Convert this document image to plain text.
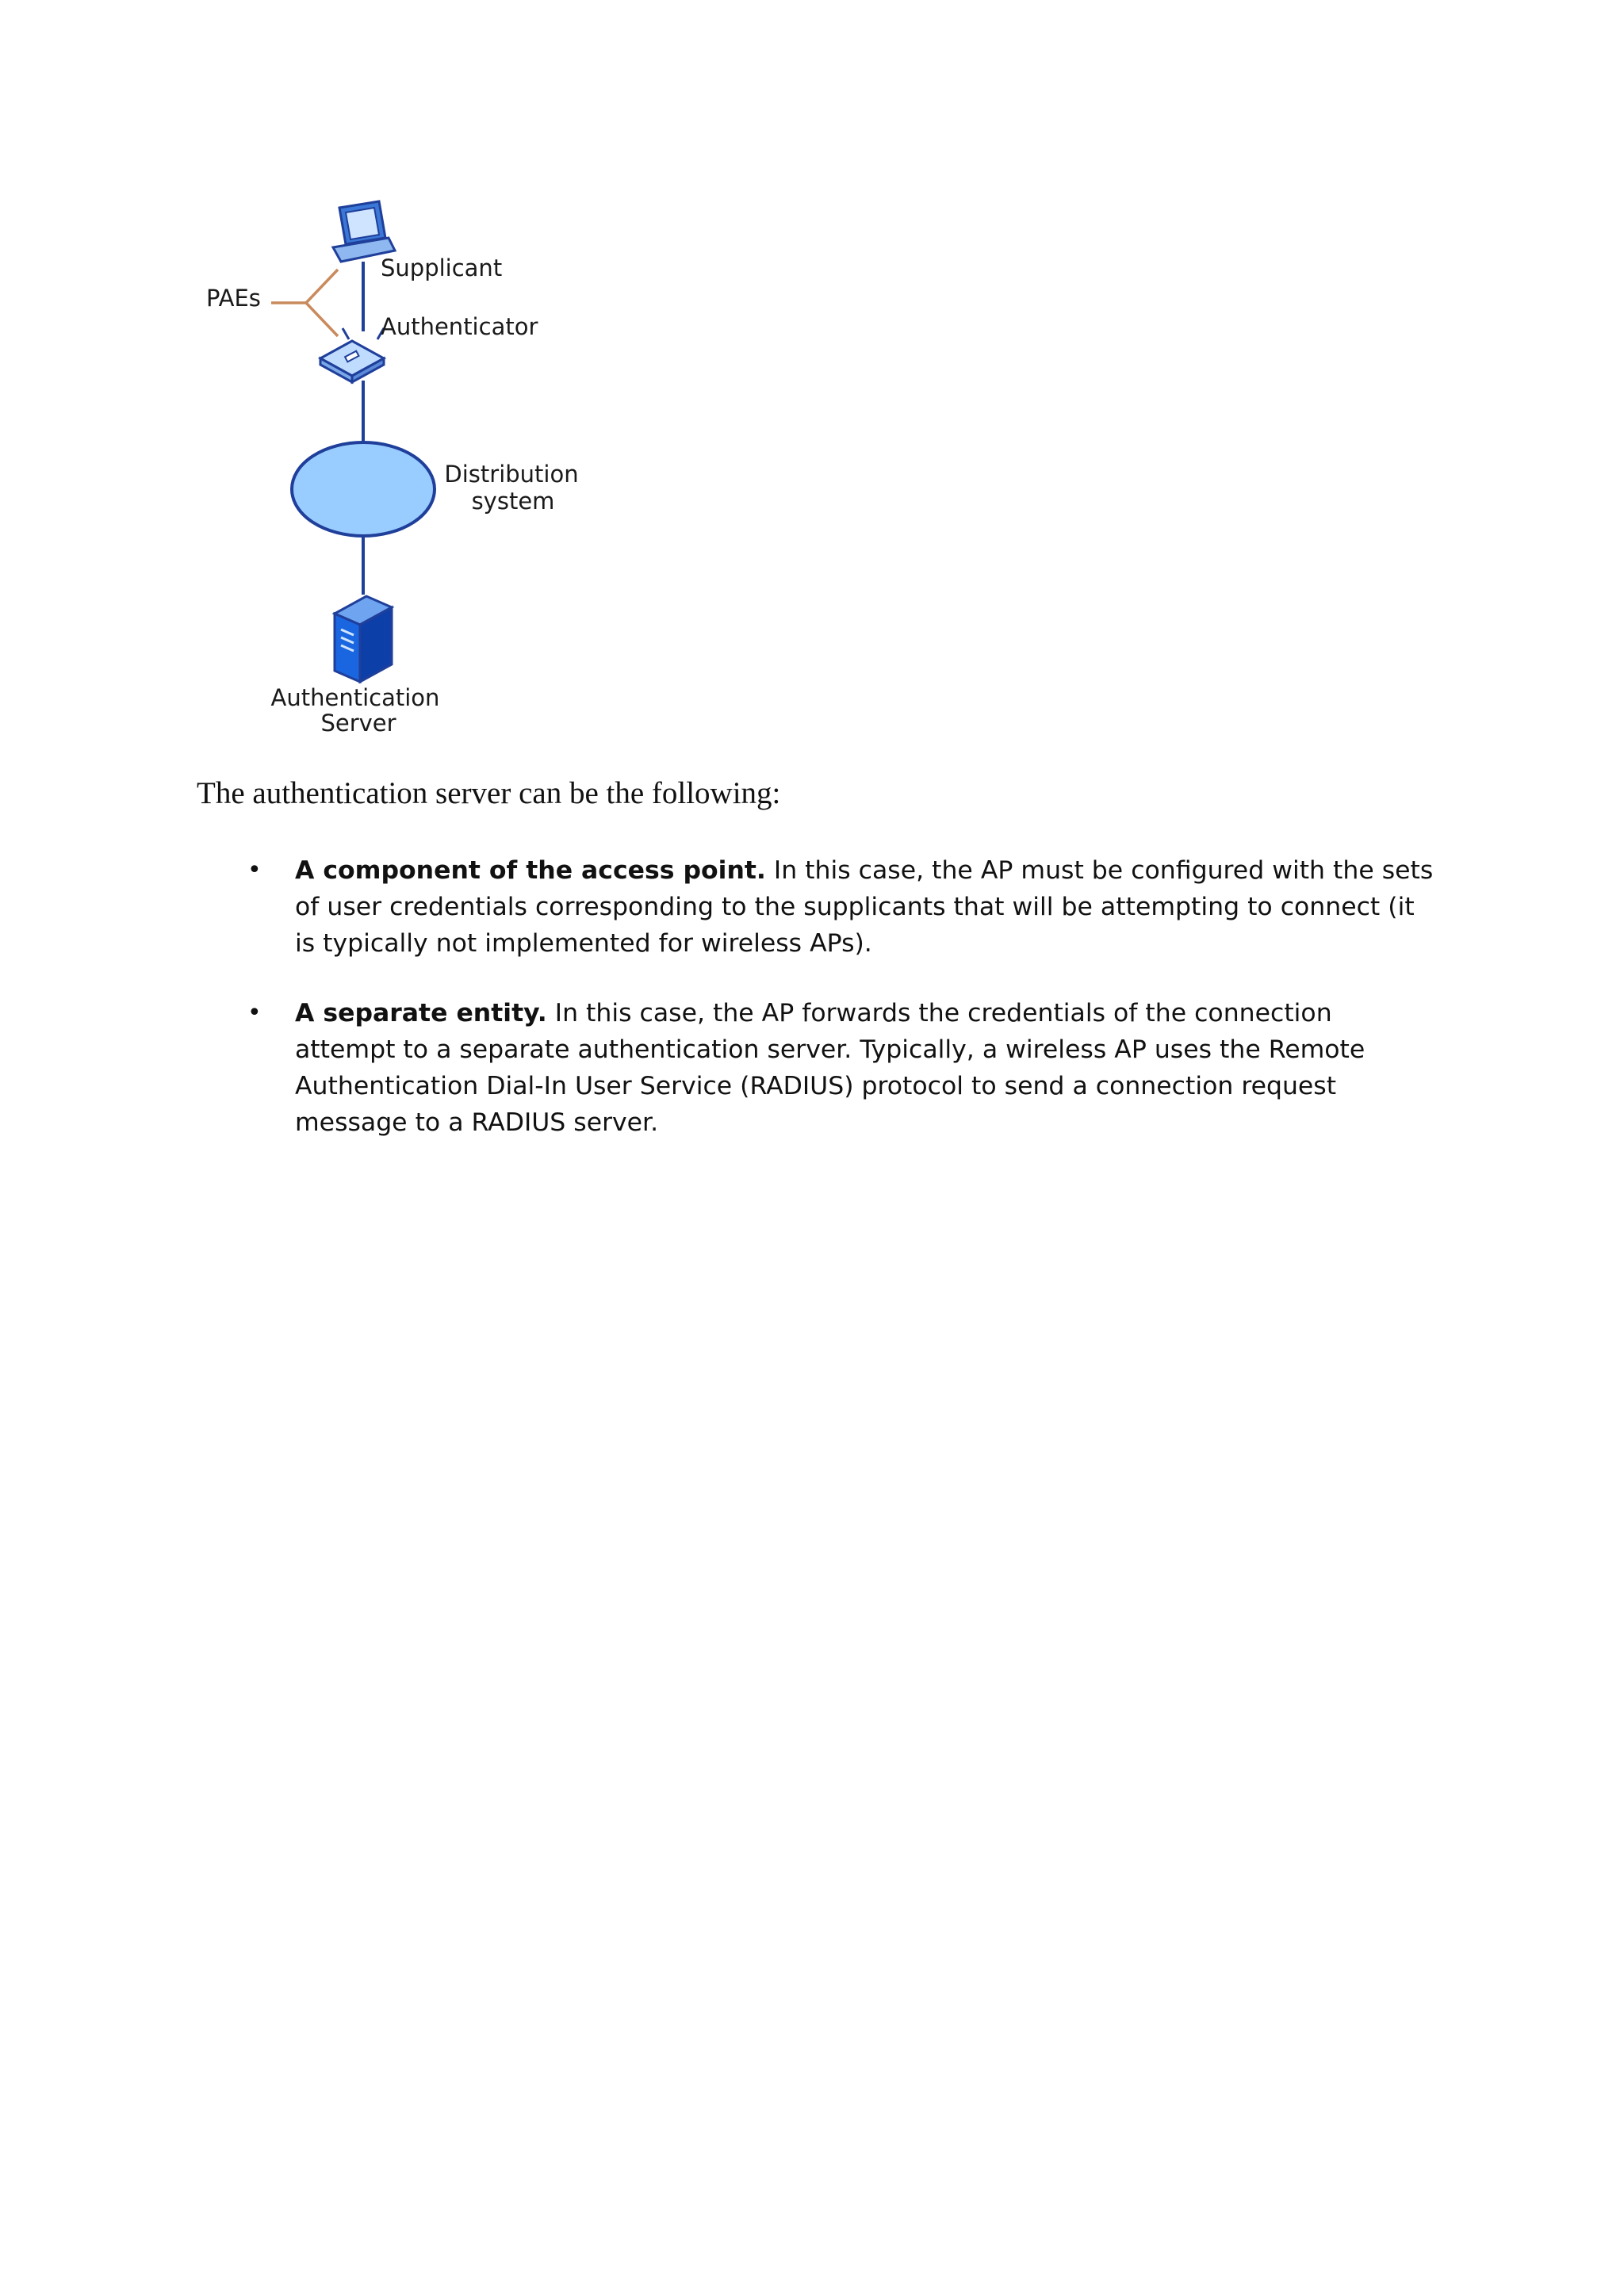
Supplicant
Authenticator
PAEs
Distribution
system
Authentication
Server

The authentication server can be the following:

• A component of the access point. In this case, the AP must be configured with the sets of user credentials corresponding to the supplicants that will be attempting to connect (it is typically not implemented for wireless APs).
• A separate entity. In this case, the AP forwards the credentials of the connection attempt to a separate authentication server. Typically, a wireless AP uses the Remote Authentication Dial-In User Service (RADIUS) protocol to send a connection request message to a RADIUS server.
